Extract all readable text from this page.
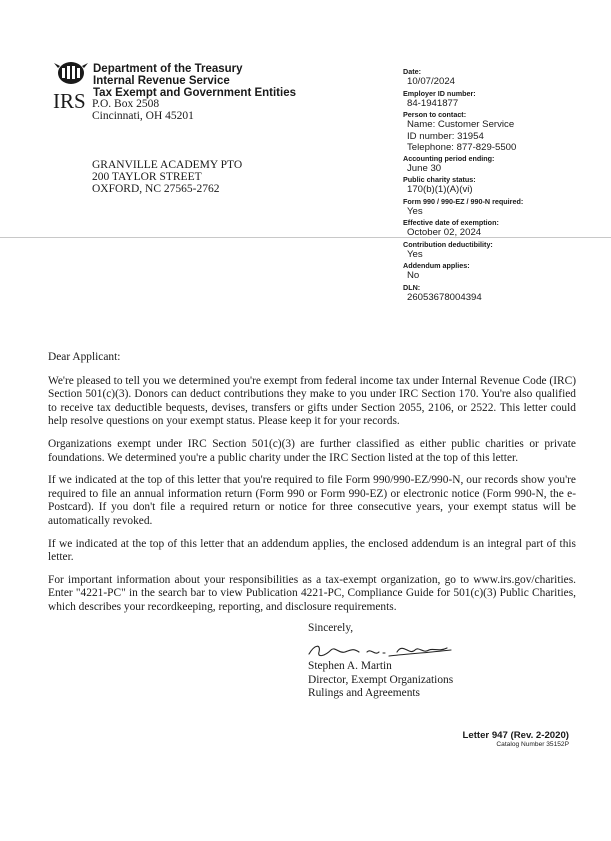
IRS
Department of the Treasury
Internal Revenue Service
Tax Exempt and Government Entities
P.O. Box 2508
Cincinnati, OH 45201
GRANVILLE ACADEMY PTO
200 TAYLOR STREET
OXFORD, NC 27565-2762
Date:
10/07/2024
Employer ID number:
84-1941877
Person to contact:
Name: Customer Service
ID number: 31954
Telephone: 877-829-5500
Accounting period ending:
June 30
Public charity status:
170(b)(1)(A)(vi)
Form 990 / 990-EZ / 990-N required:
Yes
Effective date of exemption:
October 02, 2024
Contribution deductibility:
Yes
Addendum applies:
No
DLN:
26053678004394

Dear Applicant:

We're pleased to tell you we determined you're exempt from federal income tax under Internal Revenue Code (IRC) Section 501(c)(3). Donors can deduct contributions they make to you under IRC Section 170. You're also qualified to receive tax deductible bequests, devises, transfers or gifts under Section 2055, 2106, or 2522. This letter could help resolve questions on your exempt status. Please keep it for your records.

Organizations exempt under IRC Section 501(c)(3) are further classified as either public charities or private foundations. We determined you're a public charity under the IRC Section listed at the top of this letter.

If we indicated at the top of this letter that you're required to file Form 990/990-EZ/990-N, our records show you're required to file an annual information return (Form 990 or Form 990-EZ) or electronic notice (Form 990-N, the e-Postcard). If you don't file a required return or notice for three consecutive years, your exempt status will be automatically revoked.

If we indicated at the top of this letter that an addendum applies, the enclosed addendum is an integral part of this letter.

For important information about your responsibilities as a tax-exempt organization, go to www.irs.gov/charities. Enter "4221-PC" in the search bar to view Publication 4221-PC, Compliance Guide for 501(c)(3) Public Charities, which describes your recordkeeping, reporting, and disclosure requirements.

Sincerely,
Stephen A. Martin
Director, Exempt Organizations
Rulings and Agreements
Letter 947 (Rev. 2-2020)
Catalog Number 35152P
